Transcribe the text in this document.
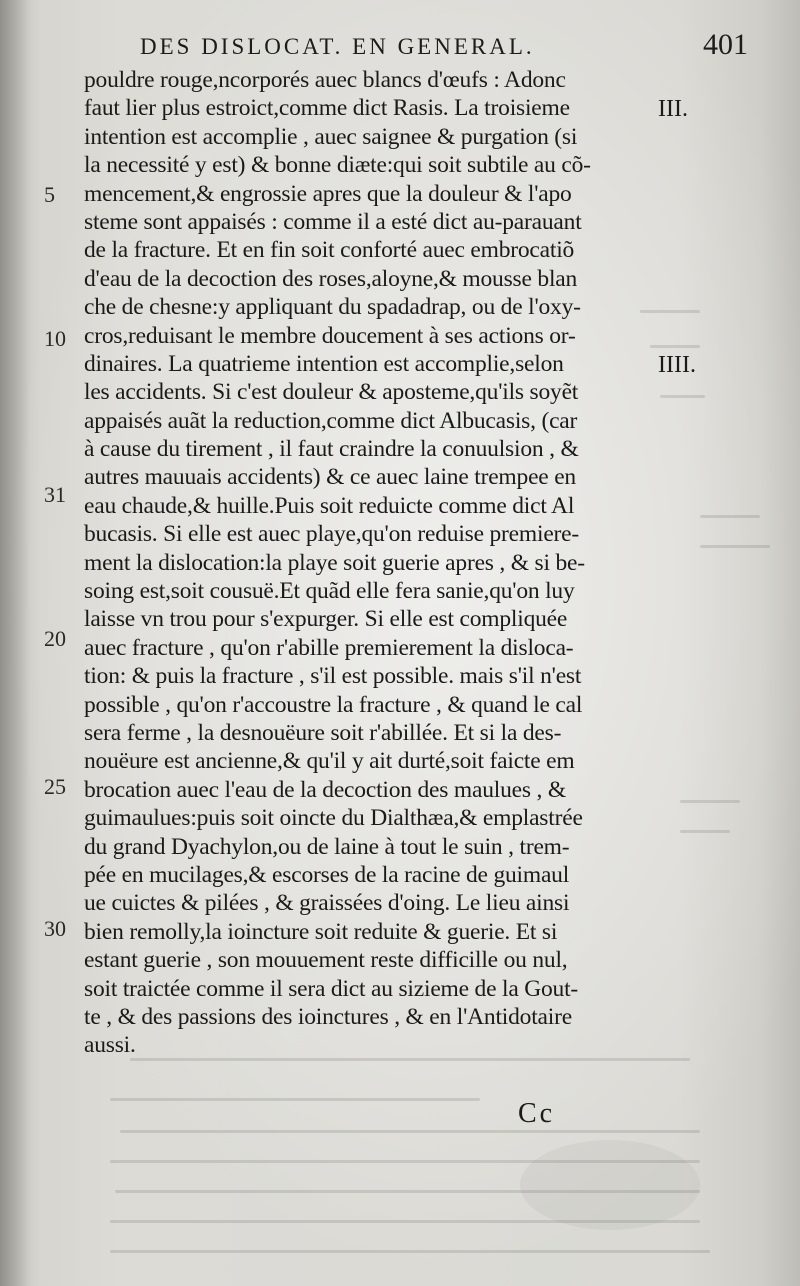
DES DISLOCAT. EN GENERAL.	401
pouldre rouge,ncorporés auec blancs d'œufs : Adonc
faut lier plus estroict,comme dict Rasis. La troisieme
intention est accomplie , auec saignee & purgation (si
la necessité y est) & bonne diæte:qui soit subtile au cõ-
mencement,& engrossie apres que la douleur & l'apo
steme sont appaisés : comme il a esté dict au-parauant
de la fracture. Et en fin soit conforté auec embrocatiõ
d'eau de la decoction des roses,aloyne,& mousse blan
che de chesne:y appliquant du spadadrap, ou de l'oxy-
cros,reduisant le membre doucement à ses actions or-
dinaires. La quatrieme intention est accomplie,selon
les accidents. Si c'est douleur & aposteme,qu'ils soyẽt
appaisés auãt la reduction,comme dict Albucasis, (car
à cause du tirement , il faut craindre la conuulsion , &
autres mauuais accidents) & ce auec laine trempee en
eau chaude,& huille.Puis soit reduicte comme dict Al
bucasis. Si elle est auec playe,qu'on reduise premiere-
ment la dislocation:la playe soit guerie apres , & si be-
soing est,soit cousuë.Et quãd elle fera sanie,qu'on luy
laisse vn trou pour s'expurger. Si elle est compliquée
auec fracture , qu'on r'abille premierement la disloca-
tion: & puis la fracture , s'il est possible. mais s'il n'est
possible , qu'on r'accoustre la fracture , & quand le cal
sera ferme , la desnouëure soit r'abillée. Et si la des-
nouëure est ancienne,& qu'il y ait durté,soit faicte em
brocation auec l'eau de la decoction des maulues , &
guimaulues:puis soit oincte du Dialthæa,& emplastrée
du grand Dyachylon,ou de laine à tout le suin , trem-
pée en mucilages,& escorses de la racine de guimaul
ue cuictes & pilées , & graissées d'oing. Le lieu ainsi
bien remolly,la ioincture soit reduite & guerie. Et si
estant guerie , son mouuement reste difficille ou nul,
soit traictée comme il sera dict au sizieme de la Gout-
te , & des passions des ioinctures , & en l'Antidotaire
aussi.
5
10
31
20
25
30
III.
IIII.
Cc
